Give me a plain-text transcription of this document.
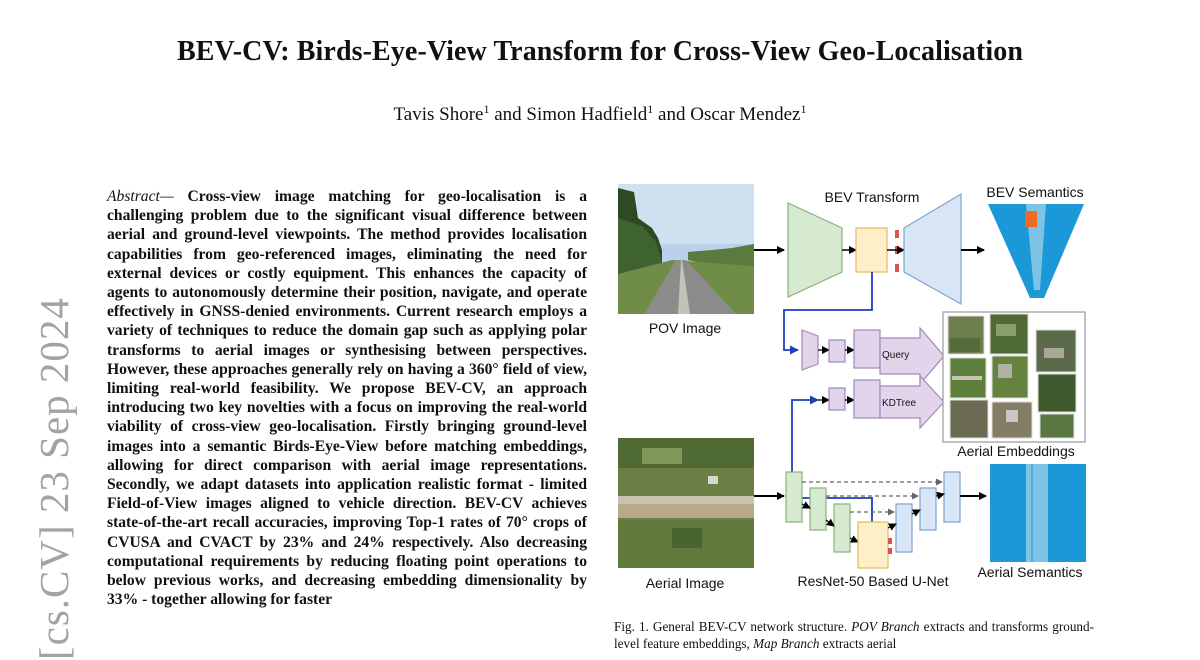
BEV-CV: Birds-Eye-View Transform for Cross-View Geo-Localisation
Tavis Shore$^1$ and Simon Hadfield$^1$ and Oscar Mendez$^1$
[cs.CV] 23 Sep 2024
Abstract— Cross-view image matching for geo-localisation is a challenging problem due to the significant visual difference between aerial and ground-level viewpoints. The method provides localisation capabilities from geo-referenced images, eliminating the need for external devices or costly equipment. This enhances the capacity of agents to autonomously determine their position, navigate, and operate effectively in GNSS-denied environments. Current research employs a variety of techniques to reduce the domain gap such as applying polar transforms to aerial images or synthesising between perspectives. However, these approaches generally rely on having a 360° field of view, limiting real-world feasibility. We propose BEV-CV, an approach introducing two key novelties with a focus on improving the real-world viability of cross-view geo-localisation. Firstly bringing ground-level images into a semantic Birds-Eye-View before matching embeddings, allowing for direct comparison with aerial image representations. Secondly, we adapt datasets into application realistic format - limited Field-of-View images aligned to vehicle direction. BEV-CV achieves state-of-the-art recall accuracies, improving Top-1 rates of 70° crops of CVUSA and CVACT by 23% and 24% respectively. Also decreasing computational requirements by reducing floating point operations to below previous works, and decreasing embedding dimensionality by 33% - together allowing for faster
POV Image
BEV Transform	BEV Semantics
Query
KDTree
Aerial Embeddings
Aerial Image	ResNet-50 Based U-Net
Aerial Semantics
Fig. 1. General BEV-CV network structure. POV Branch extracts and transforms ground-level feature embeddings, Map Branch extracts aerial
